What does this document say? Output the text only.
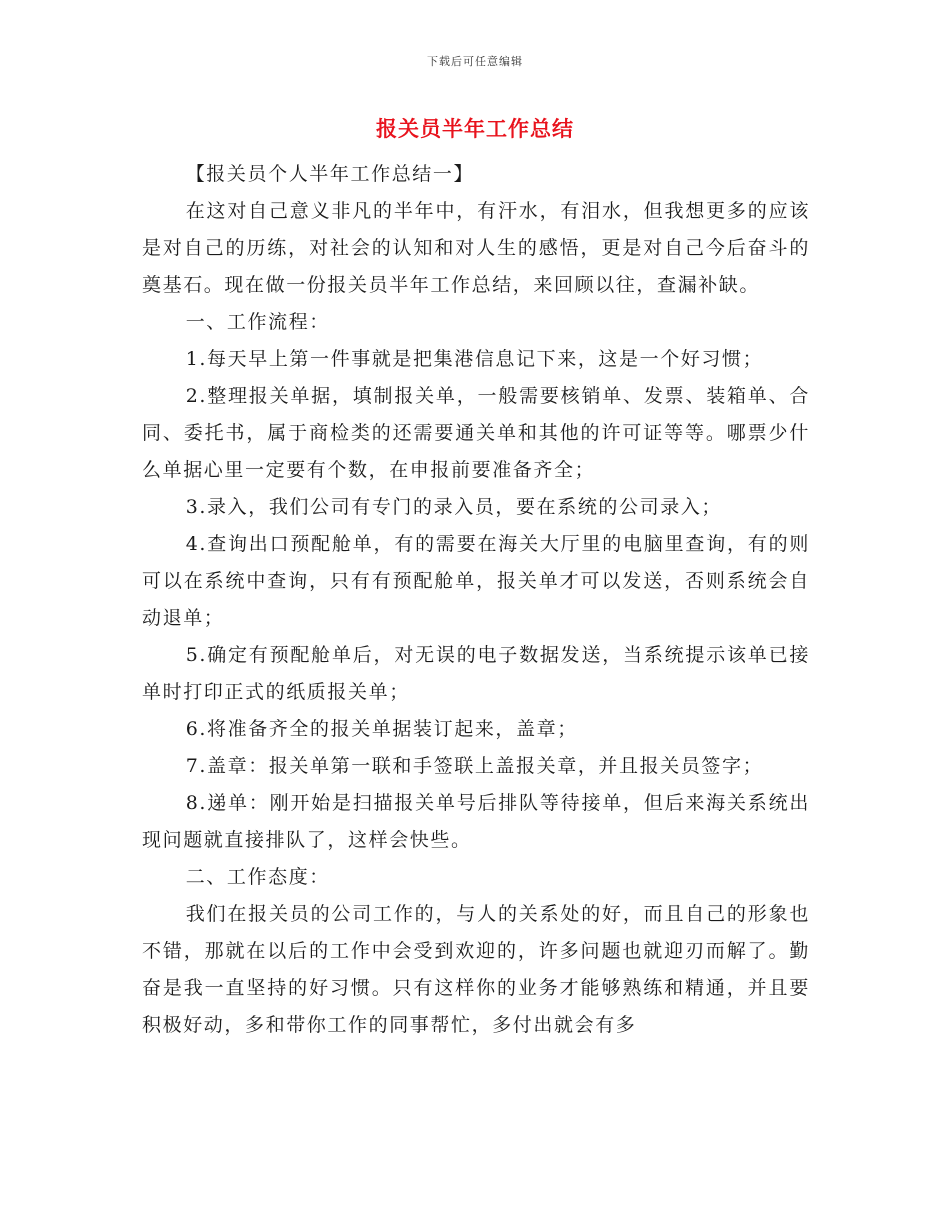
下载后可任意编辑
报关员半年工作总结

【报关员个人半年工作总结一】

在这对自己意义非凡的半年中，有汗水，有泪水，但我想更多的应该是对自己的历练，对社会的认知和对人生的感悟，更是对自己今后奋斗的奠基石。现在做一份报关员半年工作总结，来回顾以往，查漏补缺。

一、工作流程：

1.每天早上第一件事就是把集港信息记下来，这是一个好习惯；

2.整理报关单据，填制报关单，一般需要核销单、发票、装箱单、合同、委托书，属于商检类的还需要通关单和其他的许可证等等。哪票少什么单据心里一定要有个数，在申报前要准备齐全；

3.录入，我们公司有专门的录入员，要在系统的公司录入；

4.查询出口预配舱单，有的需要在海关大厅里的电脑里查询，有的则可以在系统中查询，只有有预配舱单，报关单才可以发送，否则系统会自动退单；

5.确定有预配舱单后，对无误的电子数据发送，当系统提示该单已接单时打印正式的纸质报关单；

6.将准备齐全的报关单据装订起来，盖章；

7.盖章：报关单第一联和手签联上盖报关章，并且报关员签字；

8.递单：刚开始是扫描报关单号后排队等待接单，但后来海关系统出现问题就直接排队了，这样会快些。

二、工作态度：

我们在报关员的公司工作的，与人的关系处的好，而且自己的形象也不错，那就在以后的工作中会受到欢迎的，许多问题也就迎刃而解了。勤奋是我一直坚持的好习惯。只有这样你的业务才能够熟练和精通，并且要积极好动，多和带你工作的同事帮忙，多付出就会有多
